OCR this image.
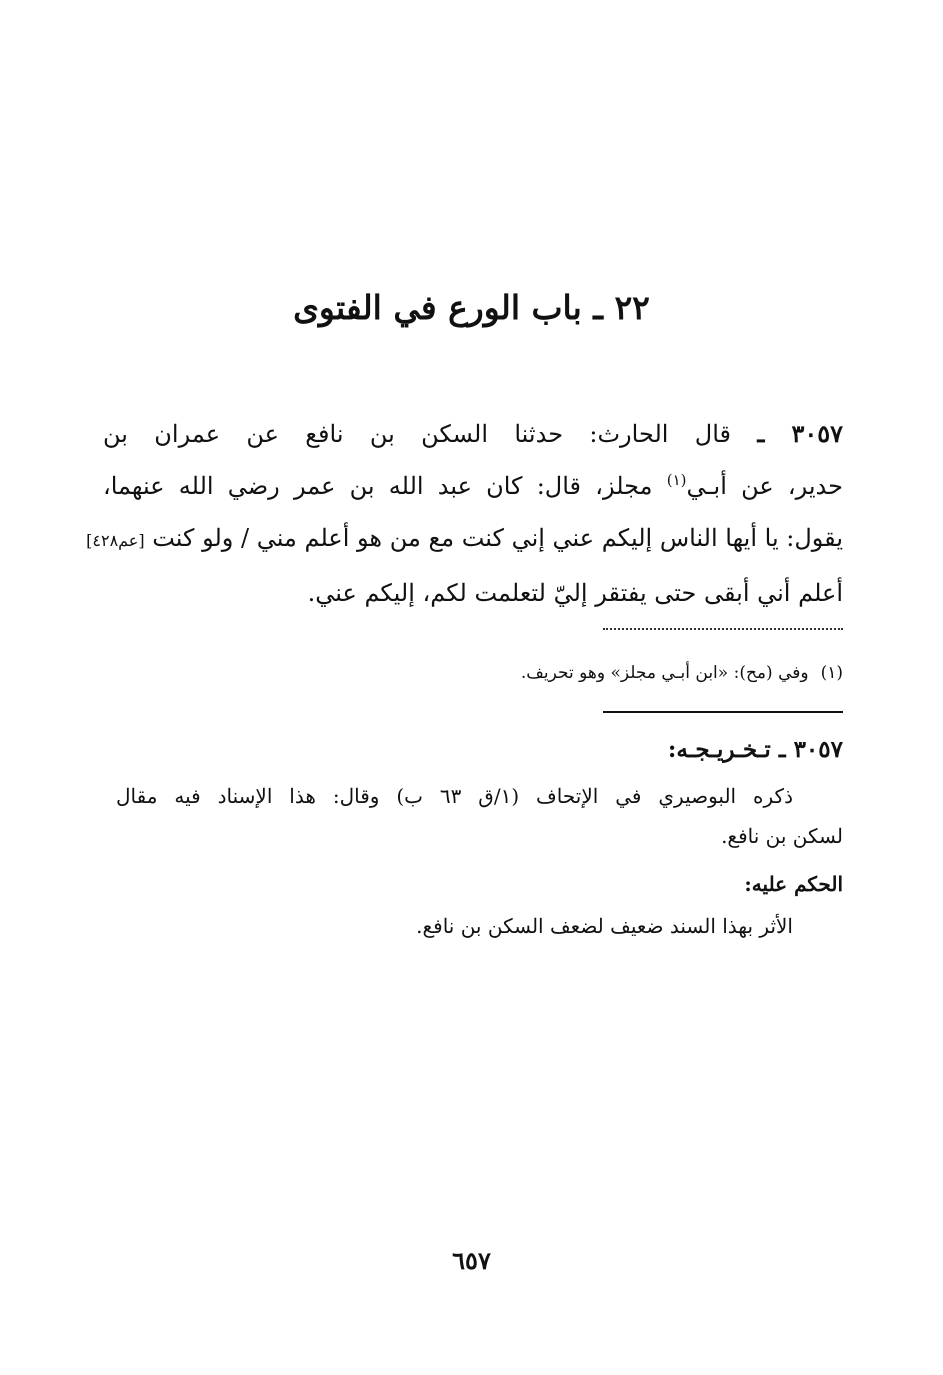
٢٢ ـ باب الورع في الفتوى
٣٠٥٧ ـ قال الحارث: حدثنا السكن بن نافع عن عمران بن
حدير، عن أبـي$^{(١)}$ مجلز، قال: كان عبد الله بن عمر رضي الله عنهما،
يقول: يا أيها الناس إليكم عني إني كنت مع من هو أعلم مني / ولو كنت [عم٤٢٨]
أعلم أني أبقى حتى يفتقر إليّ لتعلمت لكم، إليكم عني.
(١)وفي (مح): «ابن أبـي مجلز» وهو تحريف.
٣٠٥٧ ـ تـخـريـجـه:
ذكره البوصيري في الإتحاف (١/ق ٦٣ ب) وقال: هذا الإسناد فيه مقال
لسكن بن نافع.
الحكم عليه:
الأثر بهذا السند ضعيف لضعف السكن بن نافع.
٦٥٧
